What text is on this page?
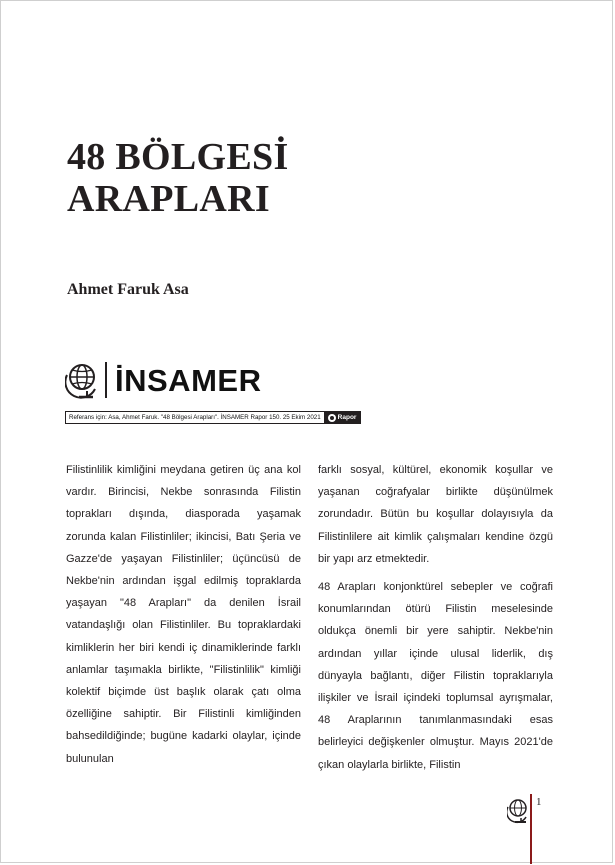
48 BÖLGESİ
ARAPLARI

Ahmet Faruk Asa

İNSAMER
Referans için: Asa, Ahmet Faruk. "48 Bölgesi Arapları". İNSAMER Rapor 150. 25 Ekim 2021	Rapor

Filistinlilik kimliğini meydana getiren üç ana kol vardır. Birincisi, Nekbe sonrasında Filistin toprakları dışında, diasporada yaşamak zorunda kalan Filistinliler; ikincisi, Batı Şeria ve Gazze'de yaşayan Filistinliler; üçüncüsü de Nekbe'nin ardından işgal edilmiş topraklarda yaşayan "48 Arapları" da denilen İsrail vatandaşlığı olan Filistinliler. Bu topraklardaki kimliklerin her biri kendi iç dinamiklerinde farklı anlamlar taşımakla birlikte, "Filistinlilik" kimliği kolektif biçimde üst başlık olarak çatı olma özelliğine sahiptir. Bir Filistinli kimliğinden bahsedildiğinde; bugüne kadarki olaylar, içinde bulunulan

farklı sosyal, kültürel, ekonomik koşullar ve yaşanan coğrafyalar birlikte düşünülmek zorundadır. Bütün bu koşullar dolayısıyla da Filistinlilere ait kimlik çalışmaları kendine özgü bir yapı arz etmektedir.

48 Arapları konjonktürel sebepler ve coğrafi konumlarından ötürü Filistin meselesinde oldukça önemli bir yere sahiptir. Nekbe'nin ardından yıllar içinde ulusal liderlik, dış dünyayla bağlantı, diğer Filistin topraklarıyla ilişkiler ve İsrail içindeki toplumsal ayrışmalar, 48 Araplarının tanımlanmasındaki esas belirleyici değişkenler olmuştur. Mayıs 2021'de çıkan olaylarla birlikte, Filistin

1
